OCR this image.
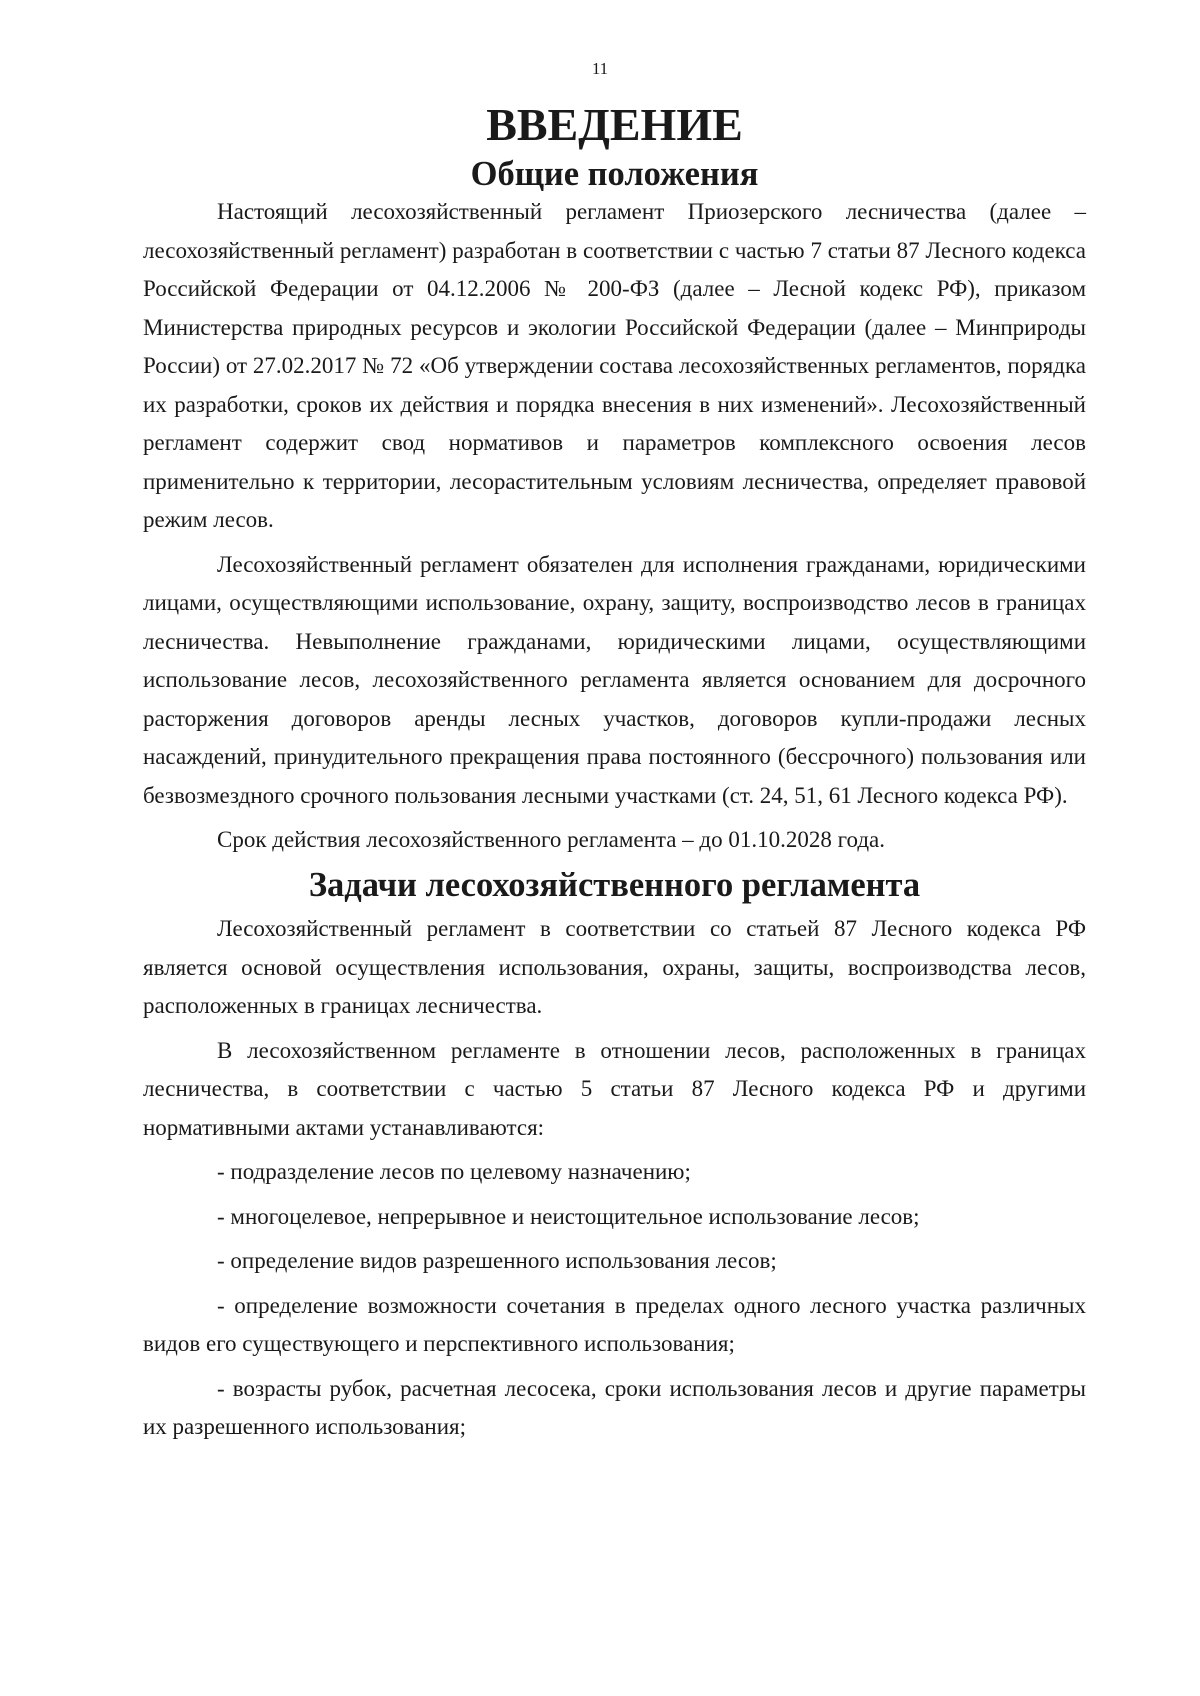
11
ВВЕДЕНИЕ
Общие положения

Настоящий лесохозяйственный регламент Приозерского лесничества (далее – лесохозяйственный регламент) разработан в соответствии с частью 7 статьи 87 Лесного кодекса Российской Федерации от 04.12.2006 № 200-ФЗ (далее – Лесной кодекс РФ), приказом Министерства природных ресурсов и экологии Российской Федерации (далее – Минприроды России) от 27.02.2017 № 72 «Об утверждении состава лесохозяйственных регламентов, порядка их разработки, сроков их действия и порядка внесения в них изменений». Лесохозяйственный регламент содержит свод нормативов и параметров комплексного освоения лесов применительно к территории, лесорастительным условиям лесничества, определяет правовой режим лесов.

Лесохозяйственный регламент обязателен для исполнения гражданами, юридическими лицами, осуществляющими использование, охрану, защиту, воспроизводство лесов в границах лесничества. Невыполнение гражданами, юридическими лицами, осуществляющими использование лесов, лесохозяйственного регламента является основанием для досрочного расторжения договоров аренды лесных участков, договоров купли-продажи лесных насаждений, принудительного прекращения права постоянного (бессрочного) пользования или безвозмездного срочного пользования лесными участками (ст. 24, 51, 61 Лесного кодекса РФ).

Срок действия лесохозяйственного регламента – до 01.10.2028 года.

Задачи лесохозяйственного регламента

Лесохозяйственный регламент в соответствии со статьей 87 Лесного кодекса РФ является основой осуществления использования, охраны, защиты, воспроизводства лесов, расположенных в границах лесничества.

В лесохозяйственном регламенте в отношении лесов, расположенных в границах лесничества, в соответствии с частью 5 статьи 87 Лесного кодекса РФ и другими нормативными актами устанавливаются:

- подразделение лесов по целевому назначению;
- многоцелевое, непрерывное и неистощительное использование лесов;
- определение видов разрешенного использования лесов;
- определение возможности сочетания в пределах одного лесного участка различных видов его существующего и перспективного использования;
- возрасты рубок, расчетная лесосека, сроки использования лесов и другие параметры их разрешенного использования;
